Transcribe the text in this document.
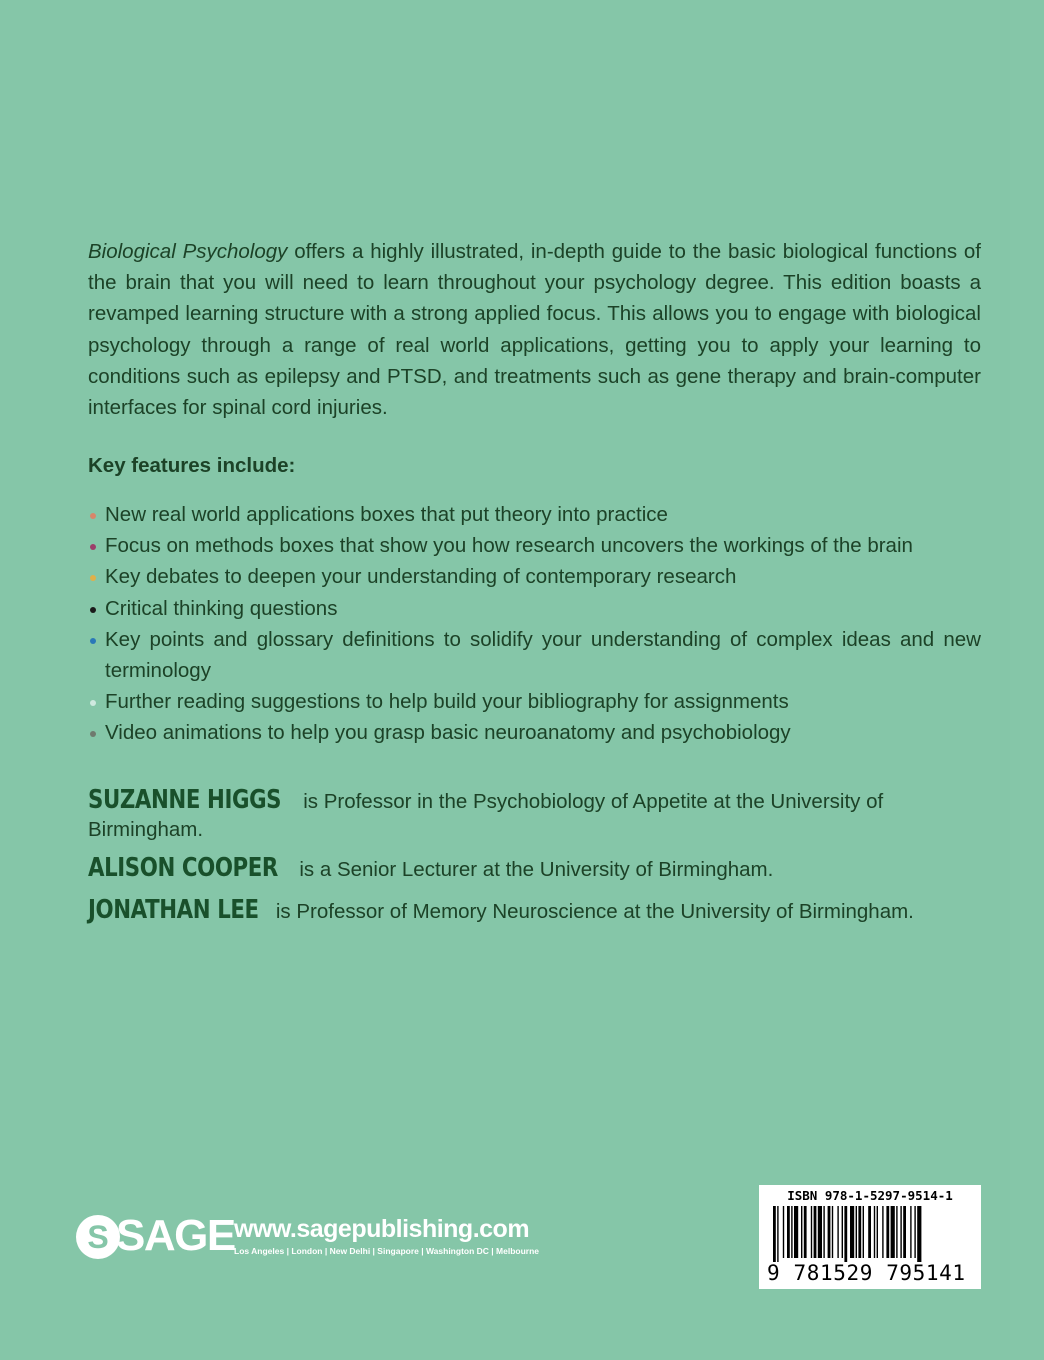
Biological Psychology offers a highly illustrated, in-depth guide to the basic biological functions of the brain that you will need to learn throughout your psychology degree. This edition boasts a revamped learning structure with a strong applied focus. This allows you to engage with biological psychology through a range of real world applications, getting you to apply your learning to conditions such as epilepsy and PTSD, and treatments such as gene therapy and brain-computer interfaces for spinal cord injuries.

Key features include:

New real world applications boxes that put theory into practice
Focus on methods boxes that show you how research uncovers the workings of the brain
Key debates to deepen your understanding of contemporary research
Critical thinking questions
Key points and glossary definitions to solidify your understanding of complex ideas and new terminology
Further reading suggestions to help build your bibliography for assignments
Video animations to help you grasp basic neuroanatomy and psychobiology

SUZANNE HIGGS is Professor in the Psychobiology of Appetite at the University of Birmingham.

ALISON COOPER is a Senior Lecturer at the University of Birmingham.

JONATHAN LEE is Professor of Memory Neuroscience at the University of Birmingham.

S SAGE www.sagepublishing.com
Los Angeles | London | New Delhi | Singapore | Washington DC | Melbourne
ISBN 978-1-5297-9514-1
9 781529 795141
